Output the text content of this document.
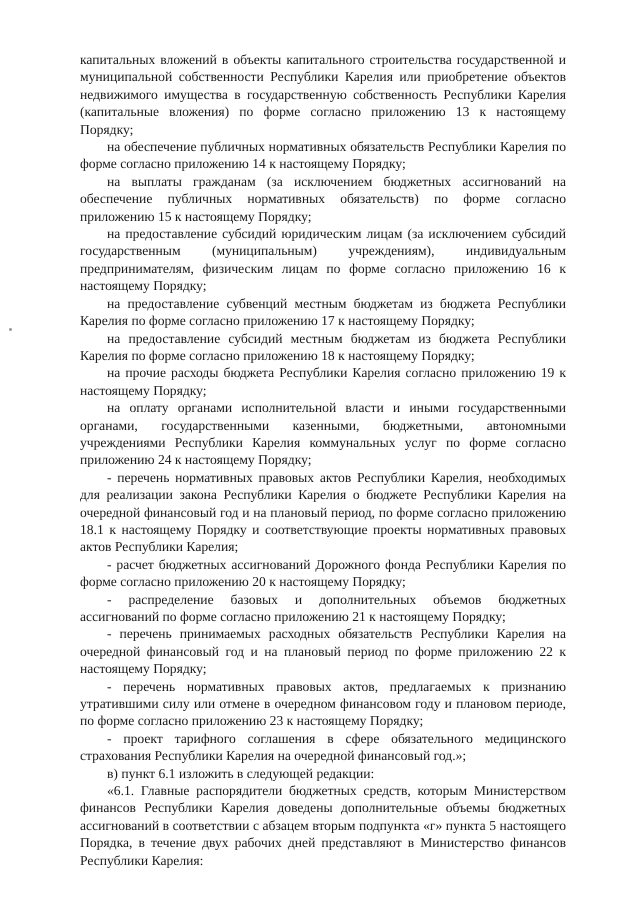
капитальных вложений в объекты капитального строительства государственной и муниципальной собственности Республики Карелия или приобретение объектов недвижимого имущества в государственную собственность Республики Карелия (капитальные вложения) по форме согласно приложению 13 к настоящему Порядку;

на обеспечение публичных нормативных обязательств Республики Карелия по форме согласно приложению 14 к настоящему Порядку;

на выплаты гражданам (за исключением бюджетных ассигнований на обеспечение публичных нормативных обязательств) по форме согласно приложению 15 к настоящему Порядку;

на предоставление субсидий юридическим лицам (за исключением субсидий государственным (муниципальным) учреждениям), индивидуальным предпринимателям, физическим лицам по форме согласно приложению 16 к настоящему Порядку;

на предоставление субвенций местным бюджетам из бюджета Республики Карелия по форме согласно приложению 17 к настоящему Порядку;

на предоставление субсидий местным бюджетам из бюджета Республики Карелия по форме согласно приложению 18 к настоящему Порядку;

на прочие расходы бюджета Республики Карелия согласно приложению 19 к настоящему Порядку;

на оплату органами исполнительной власти и иными государственными органами, государственными казенными, бюджетными, автономными учреждениями Республики Карелия коммунальных услуг по форме согласно приложению 24 к настоящему Порядку;

- перечень нормативных правовых актов Республики Карелия, необходимых для реализации закона Республики Карелия о бюджете Республики Карелия на очередной финансовый год и на плановый период, по форме согласно приложению 18.1 к настоящему Порядку и соответствующие проекты нормативных правовых актов Республики Карелия;

- расчет бюджетных ассигнований Дорожного фонда Республики Карелия по форме согласно приложению 20 к настоящему Порядку;

- распределение базовых и дополнительных объемов бюджетных ассигнований по форме согласно приложению 21 к настоящему Порядку;

- перечень принимаемых расходных обязательств Республики Карелия на очередной финансовый год и на плановый период по форме приложению 22 к настоящему Порядку;

- перечень нормативных правовых актов, предлагаемых к признанию утратившими силу или отмене в очередном финансовом году и плановом периоде, по форме согласно приложению 23 к настоящему Порядку;

- проект тарифного соглашения в сфере обязательного медицинского страхования Республики Карелия на очередной финансовый год.»;

в) пункт 6.1 изложить в следующей редакции:

«6.1. Главные распорядители бюджетных средств, которым Министерством финансов Республики Карелия доведены дополнительные объемы бюджетных ассигнований в соответствии с абзацем вторым подпункта «г» пункта 5 настоящего Порядка, в течение двух рабочих дней представляют в Министерство финансов Республики Карелия:
